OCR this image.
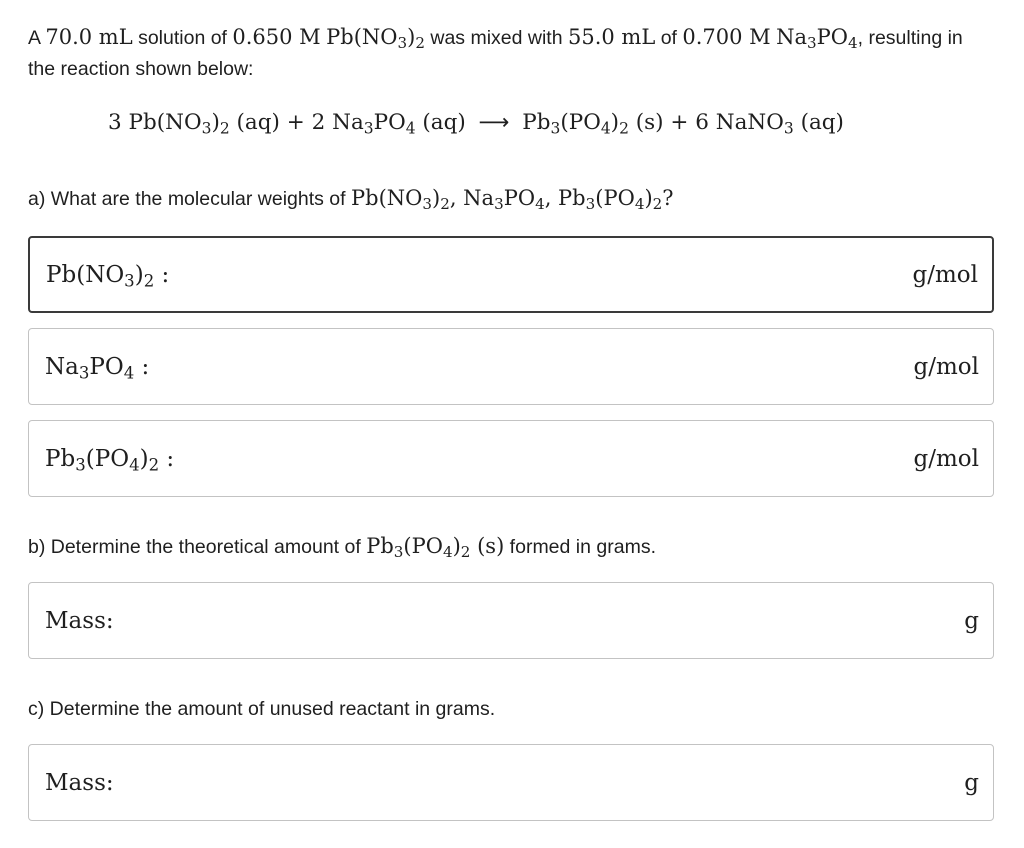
A 70.0 mL solution of 0.650 M $Pb(NO_3)_2$ was mixed with 55.0 mL of 0.700 M $Na_3PO_4$, resulting in
the reaction shown below:
3 $Pb(NO_3)_2$ (aq) + 2 $Na_3PO_4$ (aq) ⟶ $Pb_3(PO_4)_2$ (s) + 6 NaNO$_3$ (aq)
a) What are the molecular weights of $Pb(NO_3)_2$, $Na_3PO_4$, $Pb_3(PO_4)_2$?
$Pb(NO_3)_2$ :	g/mol
$Na_3PO_4$ :	g/mol
$Pb_3(PO_4)_2$ :	g/mol
b) Determine the theoretical amount of $Pb_3(PO_4)_2$ (s) formed in grams.
Mass:	g
c) Determine the amount of unused reactant in grams.
Mass:	g
